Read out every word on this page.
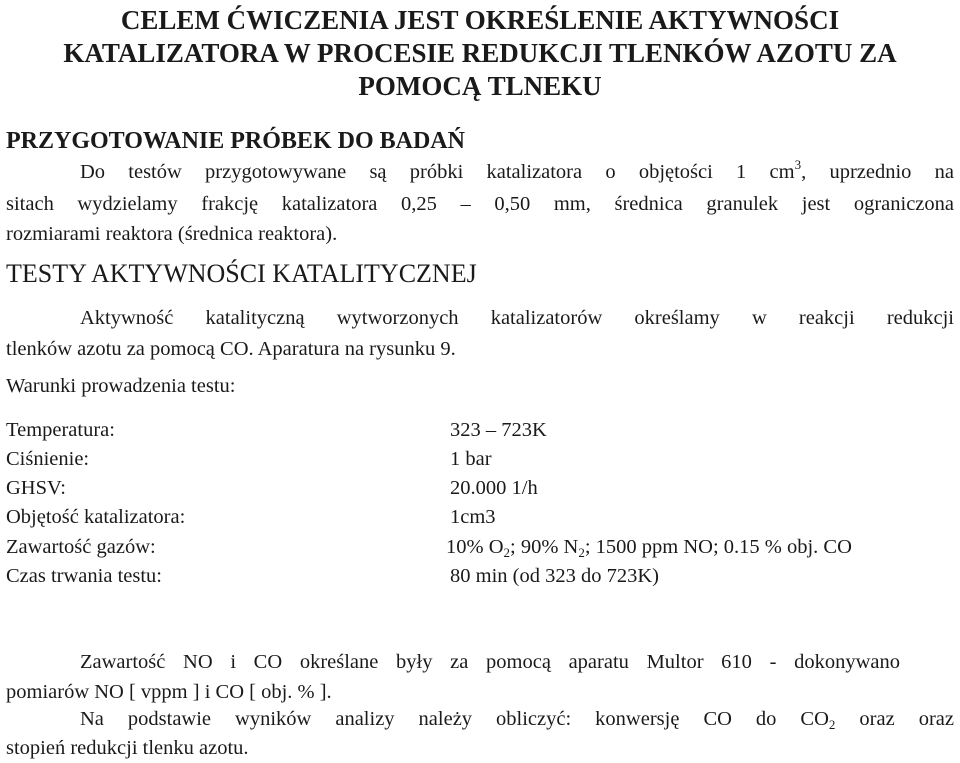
CELEM ĆWICZENIA JEST OKREŚLENIE AKTYWNOŚCI
KATALIZATORA W PROCESIE REDUKCJI TLENKÓW AZOTU ZA
POMOCĄ TLNEKU
PRZYGOTOWANIE PRÓBEK DO BADAŃ

Do testów przygotowywane są próbki katalizatora o objętości 1 $cm^3$, uprzednio na

sitach wydzielamy frakcję katalizatora 0,25 – 0,50 mm, średnica granulek jest ograniczona

rozmiarami reaktora (średnica reaktora).

TESTY AKTYWNOŚCI KATALITYCZNEJ

Aktywność katalityczną wytworzonych katalizatorów określamy w reakcji redukcji

tlenków azotu za pomocą CO. Aparatura na rysunku 9.

Warunki prowadzenia testu:

Temperatura:	323 – 723K
Ciśnienie:	1 bar
GHSV:	20.000 1/h
Objętość katalizatora:	1cm3
Zawartość gazów:	10% $O_2$; 90% $N_2$; 1500 ppm NO; 0.15 % obj. CO
Czas trwania testu:	80 min (od 323 do 723K)

Zawartość NO i CO określane były za pomocą aparatu Multor 610 - dokonywano

pomiarów NO [ vppm ] i CO [ obj. % ].

Na podstawie wyników analizy należy obliczyć: konwersję CO do $CO_2$ oraz oraz

stopień redukcji tlenku azotu.
